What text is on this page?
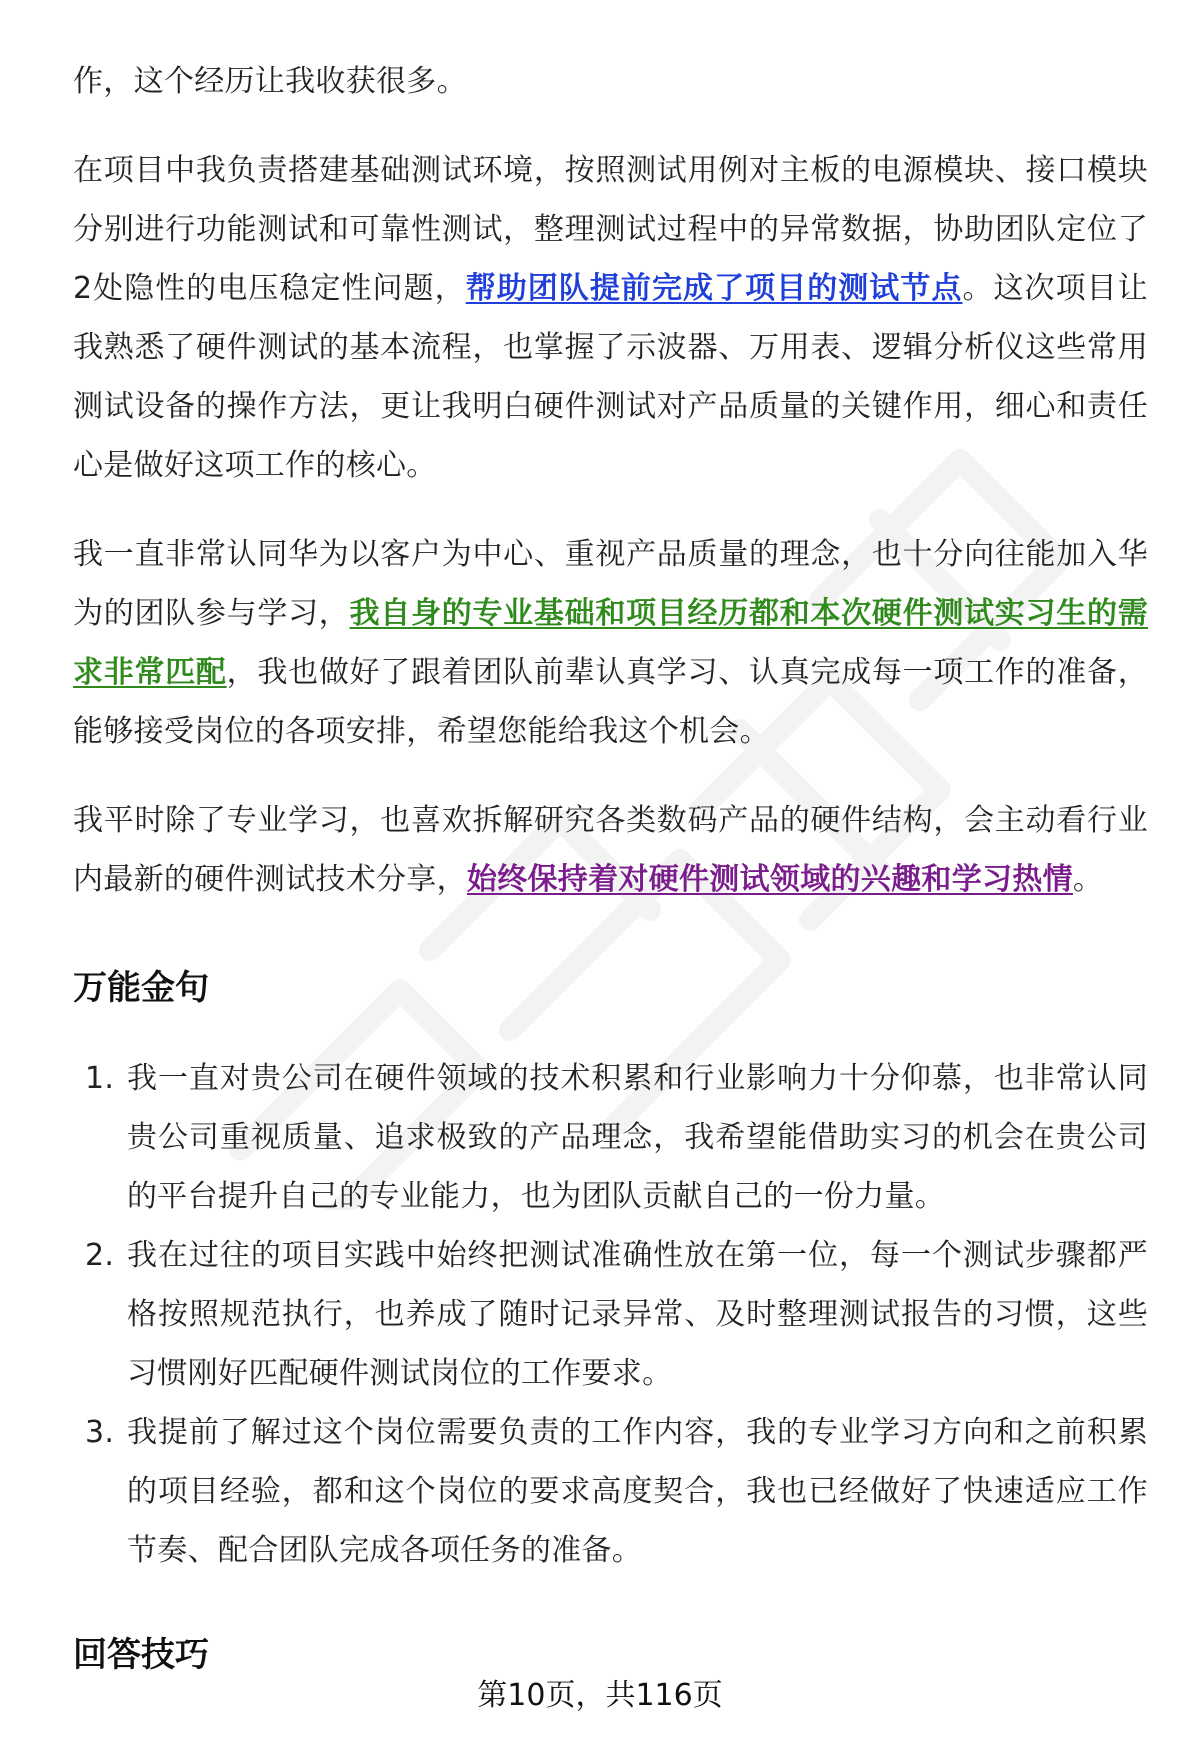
作，这个经历让我收获很多。

在项目中我负责搭建基础测试环境，按照测试用例对主板的电源模块、接口模块分别进行功能测试和可靠性测试，整理测试过程中的异常数据，协助团队定位了2处隐性的电压稳定性问题，帮助团队提前完成了项目的测试节点。这次项目让我熟悉了硬件测试的基本流程，也掌握了示波器、万用表、逻辑分析仪这些常用测试设备的操作方法，更让我明白硬件测试对产品质量的关键作用，细心和责任心是做好这项工作的核心。

我一直非常认同华为以客户为中心、重视产品质量的理念，也十分向往能加入华为的团队参与学习，我自身的专业基础和项目经历都和本次硬件测试实习生的需求非常匹配，我也做好了跟着团队前辈认真学习、认真完成每一项工作的准备，能够接受岗位的各项安排，希望您能给我这个机会。

我平时除了专业学习，也喜欢拆解研究各类数码产品的硬件结构，会主动看行业内最新的硬件测试技术分享，始终保持着对硬件测试领域的兴趣和学习热情。

万能金句
1. 我一直对贵公司在硬件领域的技术积累和行业影响力十分仰慕，也非常认同贵公司重视质量、追求极致的产品理念，我希望能借助实习的机会在贵公司的平台提升自己的专业能力，也为团队贡献自己的一份力量。
2. 我在过往的项目实践中始终把测试准确性放在第一位，每一个测试步骤都严格按照规范执行，也养成了随时记录异常、及时整理测试报告的习惯，这些习惯刚好匹配硬件测试岗位的工作要求。
3. 我提前了解过这个岗位需要负责的工作内容，我的专业学习方向和之前积累的项目经验，都和这个岗位的要求高度契合，我也已经做好了快速适应工作节奏、配合团队完成各项任务的准备。
回答技巧
第10页，共116页
